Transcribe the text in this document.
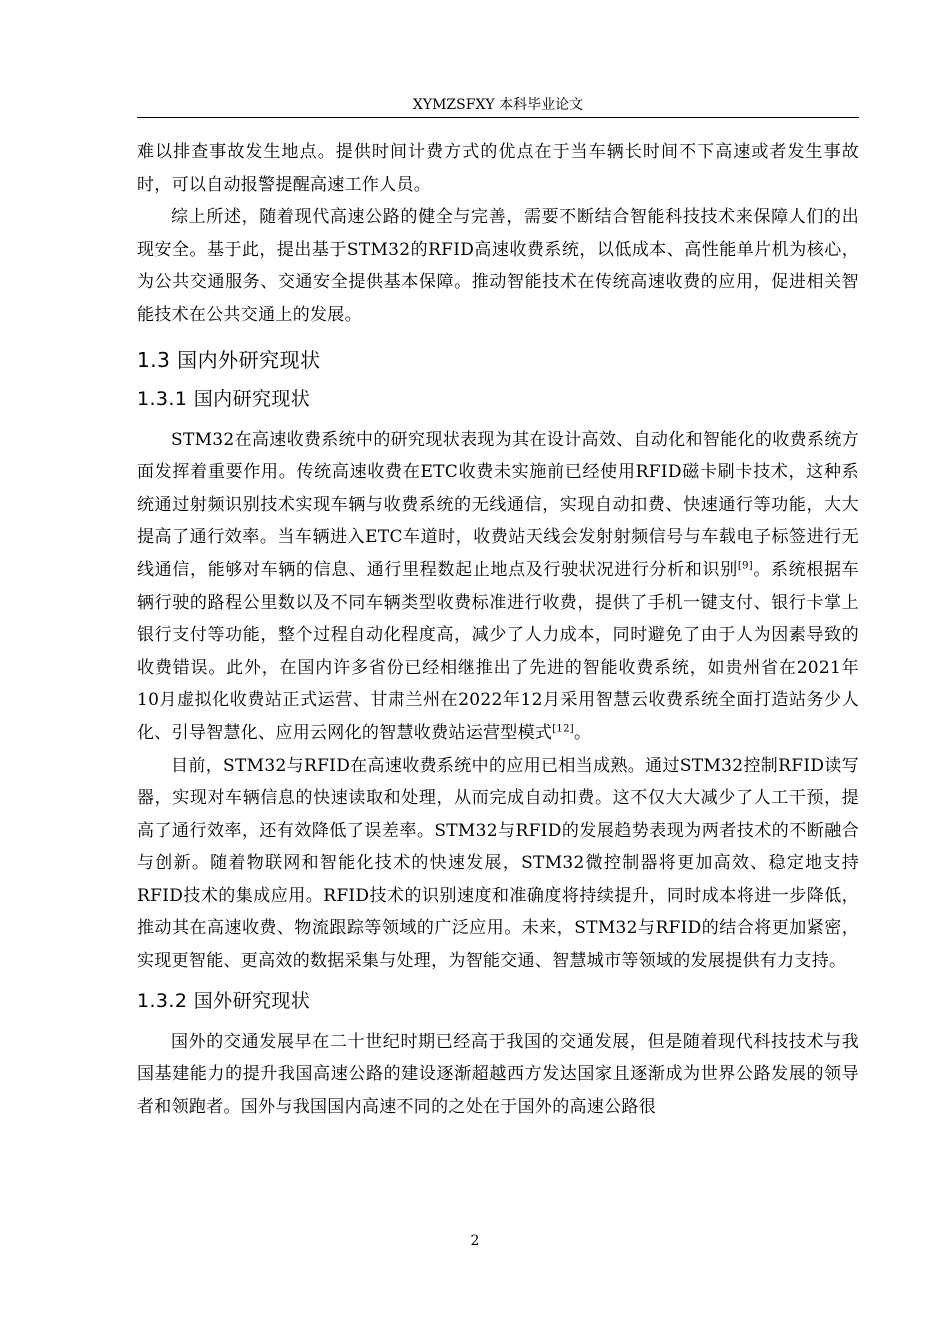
XYMZSFXY 本科毕业论文

难以排查事故发生地点。提供时间计费方式的优点在于当车辆长时间不下高速或者发生事故时，可以自动报警提醒高速工作人员。

综上所述，随着现代高速公路的健全与完善，需要不断结合智能科技技术来保障人们的出现安全。基于此，提出基于STM32的RFID高速收费系统，以低成本、高性能单片机为核心，为公共交通服务、交通安全提供基本保障。推动智能技术在传统高速收费的应用，促进相关智能技术在公共交通上的发展。

1.3 国内外研究现状
1.3.1 国内研究现状

STM32在高速收费系统中的研究现状表现为其在设计高效、自动化和智能化的收费系统方面发挥着重要作用。传统高速收费在ETC收费未实施前已经使用RFID磁卡刷卡技术，这种系统通过射频识别技术实现车辆与收费系统的无线通信，实现自动扣费、快速通行等功能，大大提高了通行效率。当车辆进入ETC车道时，收费站天线会发射射频信号与车载电子标签进行无线通信，能够对车辆的信息、通行里程数起止地点及行驶状况进行分析和识别[9]。系统根据车辆行驶的路程公里数以及不同车辆类型收费标准进行收费，提供了手机一键支付、银行卡掌上银行支付等功能，整个过程自动化程度高，减少了人力成本，同时避免了由于人为因素导致的收费错误。此外，在国内许多省份已经相继推出了先进的智能收费系统，如贵州省在2021年10月虚拟化收费站正式运营、甘肃兰州在2022年12月采用智慧云收费系统全面打造站务少人化、引导智慧化、应用云网化的智慧收费站运营型模式[12]。

目前，STM32与RFID在高速收费系统中的应用已相当成熟。通过STM32控制RFID读写器，实现对车辆信息的快速读取和处理，从而完成自动扣费。这不仅大大减少了人工干预，提高了通行效率，还有效降低了误差率。STM32与RFID的发展趋势表现为两者技术的不断融合与创新。随着物联网和智能化技术的快速发展，STM32微控制器将更加高效、稳定地支持RFID技术的集成应用。RFID技术的识别速度和准确度将持续提升，同时成本将进一步降低，推动其在高速收费、物流跟踪等领域的广泛应用。未来，STM32与RFID的结合将更加紧密，实现更智能、更高效的数据采集与处理，为智能交通、智慧城市等领域的发展提供有力支持。

1.3.2 国外研究现状

国外的交通发展早在二十世纪时期已经高于我国的交通发展，但是随着现代科技技术与我国基建能力的提升我国高速公路的建设逐渐超越西方发达国家且逐渐成为世界公路发展的领导者和领跑者。国外与我国国内高速不同的之处在于国外的高速公路很

2
